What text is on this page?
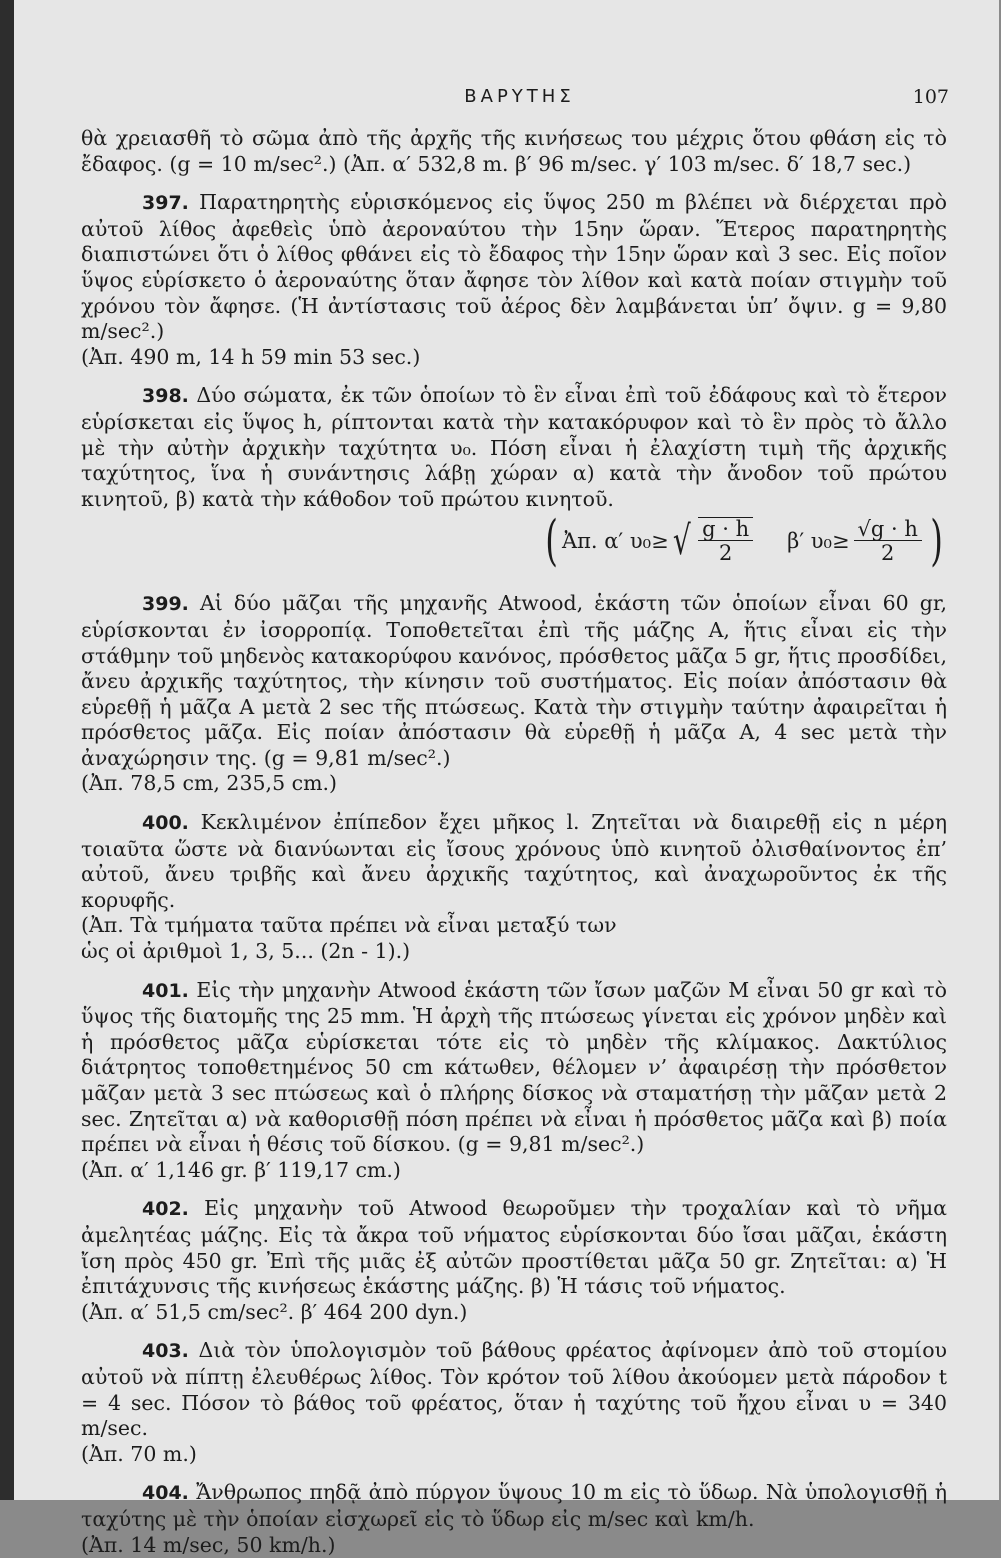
ΒΑΡΥΤΗΣ	107

θὰ χρειασθῆ τὸ σῶμα ἀπὸ τῆς ἀρχῆς τῆς κινήσεως του μέχρις ὅτου φθάση εἰς τὸ ἔδαφος. (g = 10 m/sec².) (Ἀπ. α′ 532,8 m. β′ 96 m/sec. γ′ 103 m/sec. δ′ 18,7 sec.)

397. Παρατηρητὴς εὑρισκόμενος εἰς ὕψος 250 m βλέπει νὰ διέρχεται πρὸ αὐτοῦ λίθος ἀφεθεὶς ὑπὸ ἀεροναύτου τὴν 15ην ὥραν. Ἕτερος παρατηρητὴς διαπιστώνει ὅτι ὁ λίθος φθάνει εἰς τὸ ἔδαφος τὴν 15ην ὥραν καὶ 3 sec. Εἰς ποῖον ὕψος εὑρίσκετο ὁ ἀεροναύτης ὅταν ἄφησε τὸν λίθον καὶ κατὰ ποίαν στιγμὴν τοῦ χρόνου τὸν ἄφησε. (Ἡ ἀντίστασις τοῦ ἀέρος δὲν λαμβάνεται ὑπ’ ὄψιν. g = 9,80 m/sec².)

(Ἀπ. 490 m, 14 h 59 min 53 sec.)

398. Δύο σώματα, ἐκ τῶν ὁποίων τὸ ἓν εἶναι ἐπὶ τοῦ ἐδάφους καὶ τὸ ἕτερον εὑρίσκεται εἰς ὕψος h, ρίπτονται κατὰ τὴν κατακόρυφον καὶ τὸ ἓν πρὸς τὸ ἄλλο μὲ τὴν αὐτὴν ἀρχικὴν ταχύτητα υ₀. Πόση εἶναι ἡ ἐλαχίστη τιμὴ τῆς ἀρχικῆς ταχύτητος, ἵνα ἡ συνάντησις λάβῃ χώραν α) κατὰ τὴν ἄνοδον τοῦ πρώτου κινητοῦ, β) κατὰ τὴν κάθοδον τοῦ πρώτου κινητοῦ.

( Ἀπ. α′ υ₀≥ √ $\frac{g \cdot h}{2} \beta'$ $\upsilon_0\ge \frac{√g \cdot h}{2}$ )

399. Αἱ δύο μᾶζαι τῆς μηχανῆς Atwood, ἑκάστη τῶν ὁποίων εἶναι 60 gr, εὑρίσκονται ἐν ἰσορροπίᾳ. Τοποθετεῖται ἐπὶ τῆς μάζης Α, ἥτις εἶναι εἰς τὴν στάθμην τοῦ μηδενὸς κατακορύφου κανόνος, πρόσθετος μᾶζα 5 gr, ἥτις προσδίδει, ἄνευ ἀρχικῆς ταχύτητος, τὴν κίνησιν τοῦ συστήματος. Εἰς ποίαν ἀπόστασιν θὰ εὑρεθῇ ἡ μᾶζα Α μετὰ 2 sec τῆς πτώσεως. Κατὰ τὴν στιγμὴν ταύτην ἀφαιρεῖται ἡ πρόσθετος μᾶζα. Εἰς ποίαν ἀπόστασιν θὰ εὑρεθῇ ἡ μᾶζα Α, 4 sec μετὰ τὴν ἀναχώρησιν της. (g = 9,81 m/sec².)

(Ἀπ. 78,5 cm, 235,5 cm.)

400. Κεκλιμένον ἐπίπεδον ἔχει μῆκος l. Ζητεῖται νὰ διαιρεθῇ εἰς n μέρη τοιαῦτα ὥστε νὰ διανύωνται εἰς ἴσους χρόνους ὑπὸ κινητοῦ ὀλισθαίνοντος ἐπ’ αὐτοῦ, ἄνευ τριβῆς καὶ ἄνευ ἀρχικῆς ταχύτητος, καὶ ἀναχωροῦντος ἐκ τῆς κορυφῆς.

(Ἀπ. Τὰ τμήματα ταῦτα πρέπει νὰ εἶναι μεταξύ των

ὡς οἱ ἀριθμοὶ 1, 3, 5... (2n - 1).)

401. Εἰς τὴν μηχανὴν Atwood ἑκάστη τῶν ἴσων μαζῶν Μ εἶναι 50 gr καὶ τὸ ὕψος τῆς διατομῆς της 25 mm. Ἡ ἀρχὴ τῆς πτώσεως γίνεται εἰς χρόνον μηδὲν καὶ ἡ πρόσθετος μᾶζα εὑρίσκεται τότε εἰς τὸ μηδὲν τῆς κλίμακος. Δακτύλιος διάτρητος τοποθετημένος 50 cm κάτωθεν, θέλομεν ν’ ἀφαιρέσῃ τὴν πρόσθετον μᾶζαν μετὰ 3 sec πτώσεως καὶ ὁ πλήρης δίσκος νὰ σταματήσῃ τὴν μᾶζαν μετὰ 2 sec. Ζητεῖται α) νὰ καθορισθῇ πόση πρέπει νὰ εἶναι ἡ πρόσθετος μᾶζα καὶ β) ποία πρέπει νὰ εἶναι ἡ θέσις τοῦ δίσκου. (g = 9,81 m/sec².)

(Ἀπ. α′ 1,146 gr. β′ 119,17 cm.)

402. Εἰς μηχανὴν τοῦ Atwood θεωροῦμεν τὴν τροχαλίαν καὶ τὸ νῆμα ἀμελητέας μάζης. Εἰς τὰ ἄκρα τοῦ νήματος εὑρίσκονται δύο ἴσαι μᾶζαι, ἑκάστη ἴση πρὸς 450 gr. Ἐπὶ τῆς μιᾶς ἐξ αὐτῶν προστίθεται μᾶζα 50 gr. Ζητεῖται: α) Ἡ ἐπιτάχυνσις τῆς κινήσεως ἑκάστης μάζης. β) Ἡ τάσις τοῦ νήματος.

(Ἀπ. α′ 51,5 cm/sec². β′ 464 200 dyn.)

403. Διὰ τὸν ὑπολογισμὸν τοῦ βάθους φρέατος ἀφίνομεν ἀπὸ τοῦ στομίου αὐτοῦ νὰ πίπτῃ ἐλευθέρως λίθος. Τὸν κρότον τοῦ λίθου ἀκούομεν μετὰ πάροδον t = 4 sec. Πόσον τὸ βάθος τοῦ φρέατος, ὅταν ἡ ταχύτης τοῦ ἤχου εἶναι υ = 340 m/sec.

(Ἀπ. 70 m.)

404. Ἄνθρωπος πηδᾷ ἀπὸ πύργον ὕψους 10 m εἰς τὸ ὕδωρ. Νὰ ὑπολογισθῇ ἡ ταχύτης μὲ τὴν ὁποίαν εἰσχωρεῖ εἰς τὸ ὕδωρ εἰς m/sec καὶ km/h.

(Ἀπ. 14 m/sec, 50 km/h.)
